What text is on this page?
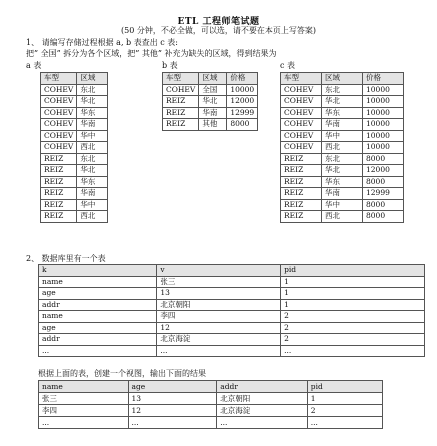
ETL 工程师笔试题
(50 分钟，不必全做，可以选，请不要在本页上写答案)
1、 请编写存储过程根据 a, b 表查出 c 表:
把” 全国” 拆分为各个区域，把” 其他” 补充为缺失的区域，得到结果为
a 表	b 表	c 表
车型	区域
COHEV	东北
COHEV	华北
COHEV	华东
COHEV	华南
COHEV	华中
COHEV	西北
REIZ	东北
REIZ	华北
REIZ	华东
REIZ	华南
REIZ	华中
REIZ	西北
车型	区域	价格
COHEV	全国	10000
REIZ	华北	12000
REIZ	华南	12999
REIZ	其他	8000
车型	区域	价格
COHEV	东北	10000
COHEV	华北	10000
COHEV	华东	10000
COHEV	华南	10000
COHEV	华中	10000
COHEV	西北	10000
REIZ	东北	8000
REIZ	华北	12000
REIZ	华东	8000
REIZ	华南	12999
REIZ	华中	8000
REIZ	西北	8000
2、 数据库里有一个表
k	v	pid
name	张三	1
age	13	1
addr	北京朝阳	1
name	李四	2
age	12	2
addr	北京海淀	2
...	...	...
根据上面的表，创建一个视图，输出下面的结果
name	age	addr	pid
张三	13	北京朝阳	1
李四	12	北京海淀	2
...	...	...	...
